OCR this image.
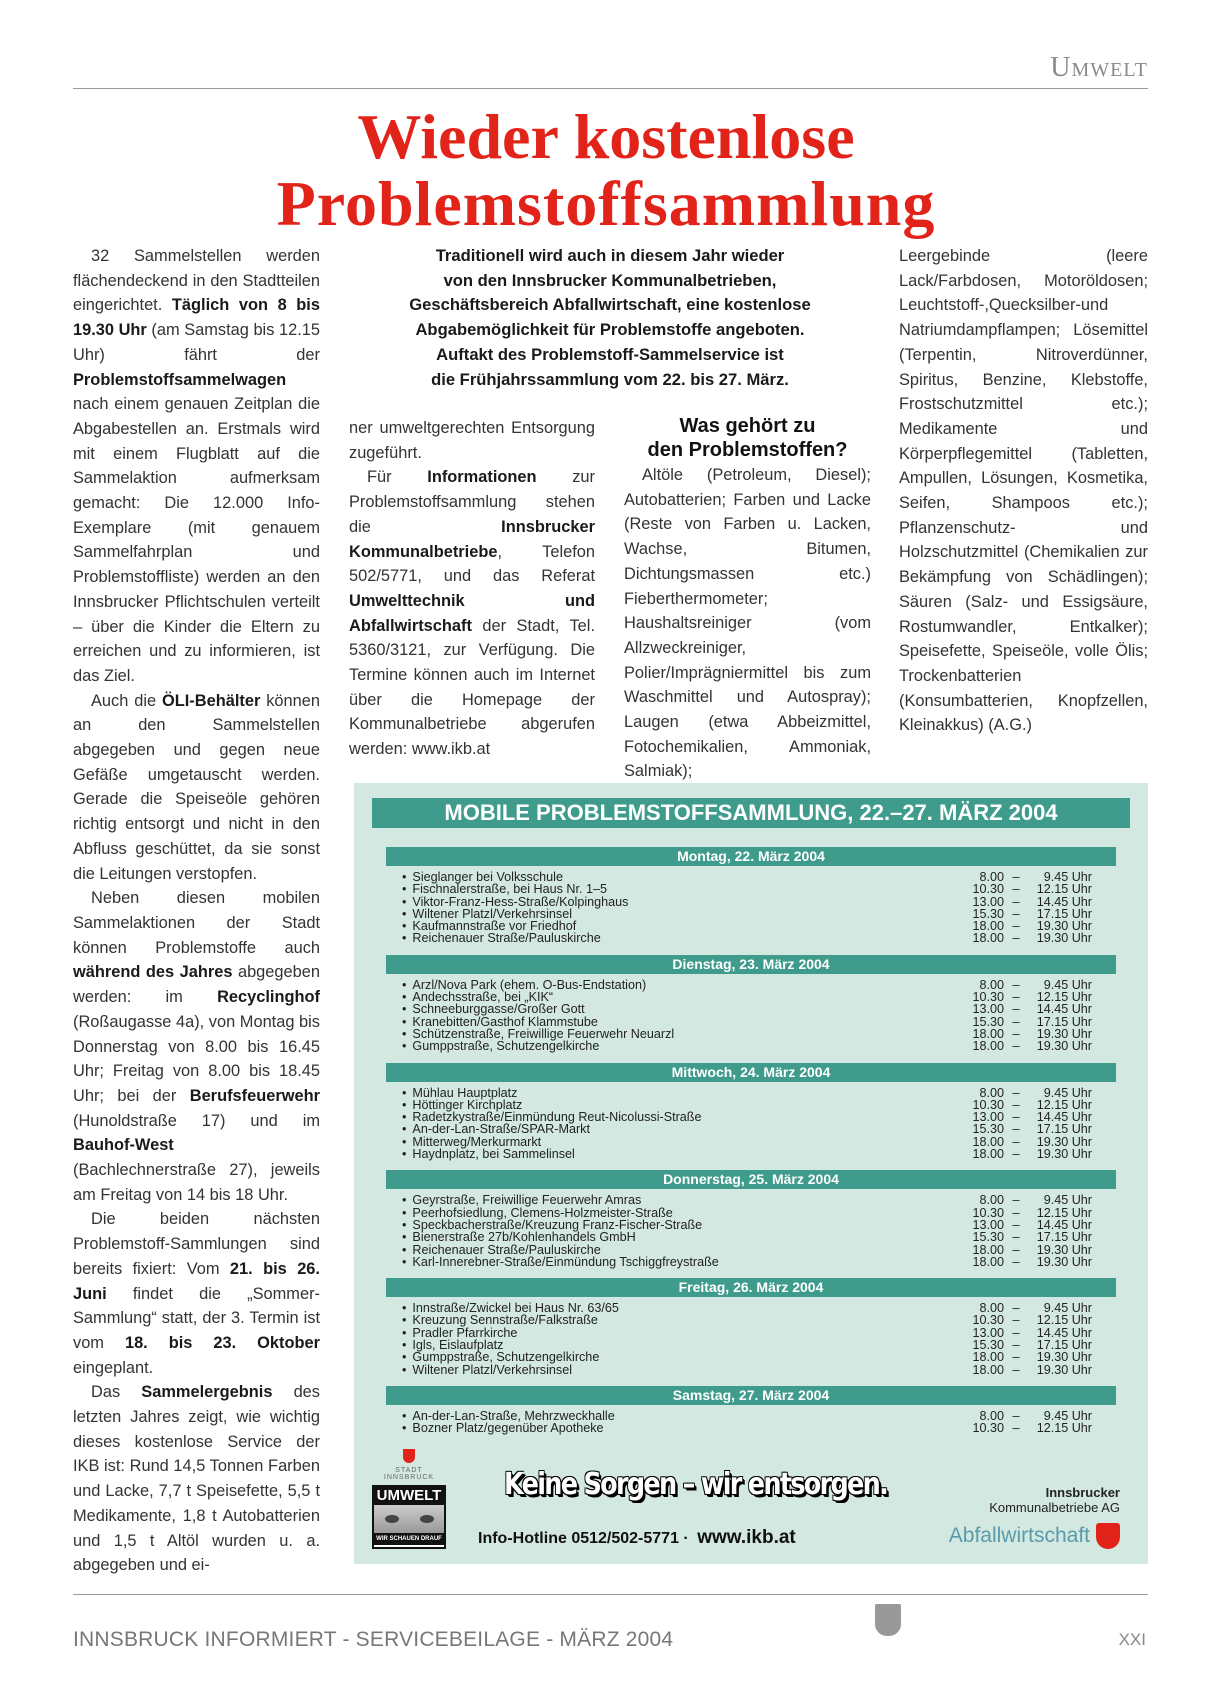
Umwelt
Wieder kostenlose
Problemstoffsammlung

32 Sammelstellen werden flächendeckend in den Stadtteilen eingerichtet. Täglich von 8 bis 19.30 Uhr (am Samstag bis 12.15 Uhr) fährt der Problemstoffsammelwagen nach einem genauen Zeitplan die Abgabestellen an. Erstmals wird mit einem Flugblatt auf die Sammelaktion aufmerksam gemacht: Die 12.000 Info-Exemplare (mit genauem Sammelfahrplan und Problemstoffliste) werden an den Innsbrucker Pflichtschulen verteilt – über die Kinder die Eltern zu erreichen und zu informieren, ist das Ziel.

Auch die ÖLI-Behälter können an den Sammelstellen abgegeben und gegen neue Gefäße umgetauscht werden. Gerade die Speiseöle gehören richtig entsorgt und nicht in den Abfluss geschüttet, da sie sonst die Leitungen verstopfen.

Neben diesen mobilen Sammelaktionen der Stadt können Problemstoffe auch während des Jahres abgegeben werden: im Recyclinghof (Roßaugasse 4a), von Montag bis Donnerstag von 8.00 bis 16.45 Uhr; Freitag von 8.00 bis 18.45 Uhr; bei der Berufsfeuerwehr (Hunoldstraße 17) und im Bauhof-West (Bachlechnerstraße 27), jeweils am Freitag von 14 bis 18 Uhr.

Die beiden nächsten Problemstoff-Sammlungen sind bereits fixiert: Vom 21. bis 26. Juni findet die „Sommer-Sammlung“ statt, der 3. Termin ist vom 18. bis 23. Oktober eingeplant.

Das Sammelergebnis des letzten Jahres zeigt, wie wichtig dieses kostenlose Service der IKB ist: Rund 14,5 Tonnen Farben und Lacke, 7,7 t Speisefette, 5,5 t Medikamente, 1,8 t Autobatterien und 1,5 t Altöl wurden u. a. abgegeben und ei-

Traditionell wird auch in diesem Jahr wieder
von den Innsbrucker Kommunalbetrieben,
Geschäftsbereich Abfallwirtschaft, eine kostenlose
Abgabemöglichkeit für Problemstoffe angeboten.
Auftakt des Problemstoff-Sammelservice ist
die Frühjahrssammlung vom 22. bis 27. März.

ner umweltgerechten Entsorgung zugeführt.

Für Informationen zur Problemstoffsammlung stehen die Innsbrucker Kommunalbetriebe, Telefon 502/5771, und das Referat Umwelttechnik und Abfallwirtschaft der Stadt, Tel. 5360/3121, zur Verfügung. Die Termine können auch im Internet über die Homepage der Kommunalbetriebe abgerufen werden: www.ikb.at

Was gehört zu
den Problemstoffen?

Altöle (Petroleum, Diesel); Autobatterien; Farben und Lacke (Reste von Farben u. Lacken, Wachse, Bitumen, Dichtungsmassen etc.) Fieberthermometer; Haushaltsreiniger (vom Allzweckreiniger, Polier/Imprägniermittel bis zum Waschmittel und Autospray); Laugen (etwa Abbeizmittel, Fotochemikalien, Ammoniak, Salmiak);

Leergebinde (leere Lack/Farbdosen, Motoröldosen; Leuchtstoff-,Quecksilber-und Natriumdampflampen; Lösemittel (Terpentin, Nitroverdünner, Spiritus, Benzine, Klebstoffe, Frostschutzmittel etc.); Medikamente und Körperpflegemittel (Tabletten, Ampullen, Lösungen, Kosmetika, Seifen, Shampoos etc.); Pflanzenschutz- und Holzschutzmittel (Chemikalien zur Bekämpfung von Schädlingen); Säuren (Salz- und Essigsäure, Rostumwandler, Entkalker); Speisefette, Speiseöle, volle Ölis; Trockenbatterien (Konsumbatterien, Knopfzellen, Kleinakkus) (A.G.)

MOBILE PROBLEMSTOFFSAMMLUNG, 22.–27. MÄRZ 2004
Montag, 22. März 2004
• Sieglanger bei Volksschule	8.00 –	9.45 Uhr
• Fischnalerstraße, bei Haus Nr. 1–5	10.30 –	12.15 Uhr
• Viktor-Franz-Hess-Straße/Kolpinghaus	13.00 –	14.45 Uhr
• Wiltener Platzl/Verkehrsinsel	15.30 –	17.15 Uhr
• Kaufmannstraße vor Friedhof	18.00 –	19.30 Uhr
• Reichenauer Straße/Pauluskirche	18.00 –	19.30 Uhr
Dienstag, 23. März 2004
• Arzl/Nova Park (ehem. O-Bus-Endstation)	8.00 –	9.45 Uhr
• Andechsstraße, bei „KIK“	10.30 –	12.15 Uhr
• Schneeburggasse/Großer Gott	13.00 –	14.45 Uhr
• Kranebitten/Gasthof Klammstube	15.30 –	17.15 Uhr
• Schützenstraße, Freiwillige Feuerwehr Neuarzl	18.00 –	19.30 Uhr
• Gumppstraße, Schutzengelkirche	18.00 –	19.30 Uhr
Mittwoch, 24. März 2004
• Mühlau Hauptplatz	8.00 –	9.45 Uhr
• Höttinger Kirchplatz	10.30 –	12.15 Uhr
• Radetzkystraße/Einmündung Reut-Nicolussi-Straße	13.00 –	14.45 Uhr
• An-der-Lan-Straße/SPAR-Markt	15.30 –	17.15 Uhr
• Mitterweg/Merkurmarkt	18.00 –	19.30 Uhr
• Haydnplatz, bei Sammelinsel	18.00 –	19.30 Uhr
Donnerstag, 25. März 2004
• Geyrstraße, Freiwillige Feuerwehr Amras	8.00 –	9.45 Uhr
• Peerhofsiedlung, Clemens-Holzmeister-Straße	10.30 –	12.15 Uhr
• Speckbacherstraße/Kreuzung Franz-Fischer-Straße	13.00 –	14.45 Uhr
• Bienerstraße 27b/Kohlenhandels GmbH	15.30 –	17.15 Uhr
• Reichenauer Straße/Pauluskirche	18.00 –	19.30 Uhr
• Karl-Innerebner-Straße/Einmündung Tschiggfreystraße	18.00 –	19.30 Uhr
Freitag, 26. März 2004
• Innstraße/Zwickel bei Haus Nr. 63/65	8.00 –	9.45 Uhr
• Kreuzung Sennstraße/Falkstraße	10.30 –	12.15 Uhr
• Pradler Pfarrkirche	13.00 –	14.45 Uhr
• Igls, Eislaufplatz	15.30 –	17.15 Uhr
• Gumppstraße, Schutzengelkirche	18.00 –	19.30 Uhr
• Wiltener Platzl/Verkehrsinsel	18.00 –	19.30 Uhr
Samstag, 27. März 2004
• An-der-Lan-Straße, Mehrzweckhalle	8.00 –	9.45 Uhr
• Bozner Platz/gegenüber Apotheke	10.30 –	12.15 Uhr

STADT INNSBRUCK
UMWELT
WIR SCHAUEN DRAUF
Keine Sorgen – wir entsorgen.
Info-Hotline 0512/502-5771 · www.ikb.at
Innsbrucker
Kommunalbetriebe AG
Abfallwirtschaft
INNSBRUCK INFORMIERT - SERVICEBEILAGE - MÄRZ 2004	XXI
